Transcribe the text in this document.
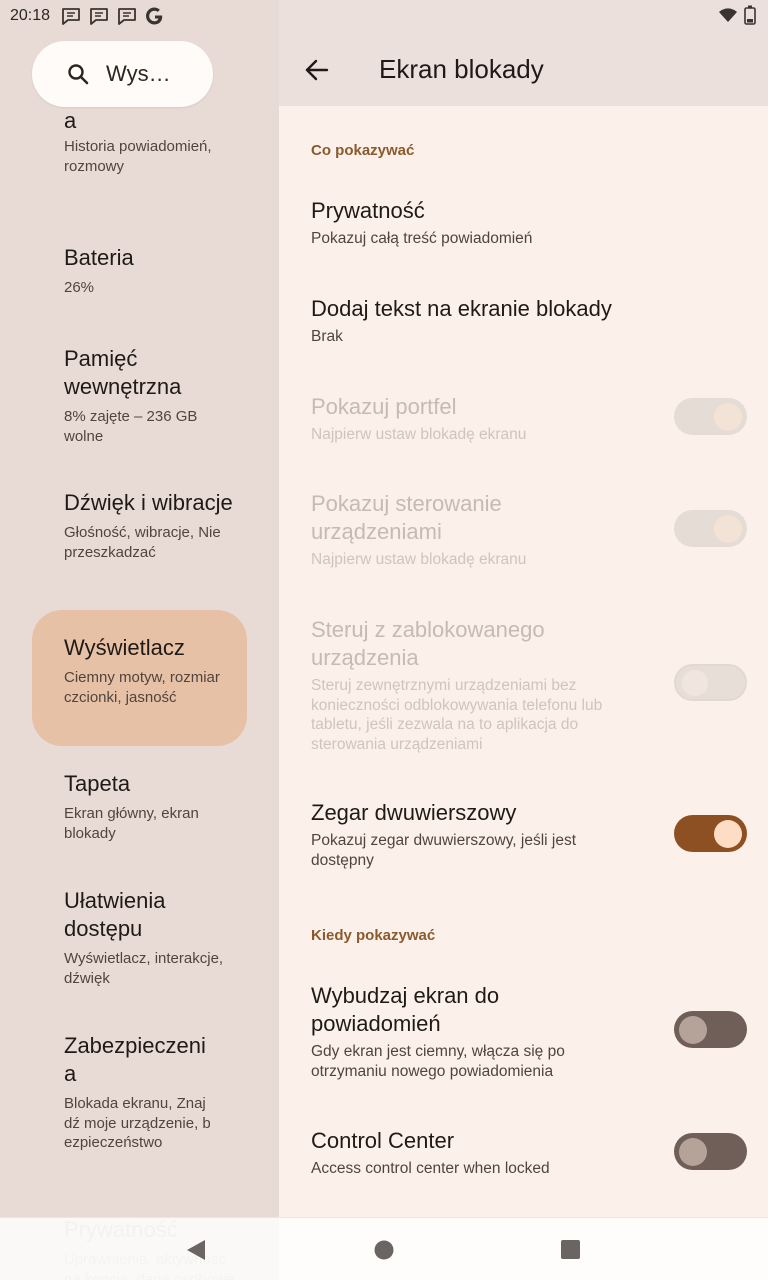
a
Historia powiadomień, rozmowy
Bateria
26%
Pamięć wewnętrzna
8% zajęte – 236 GB wolne
Dźwięk i wibracje
Głośność, wibracje, Nie przeszkadzać
Wyświetlacz
Ciemny motyw, rozmiar czcionki, jasność
Tapeta
Ekran główny, ekran blokady
Ułatwienia dostępu
Wyświetlacz, interakcje, dźwięk
Zabezpieczenia
Blokada ekranu, Znajdź moje urządzenie, bezpieczeństwo
20:18
Wys…	Ekran blokady
Co pokazywać
Prywatność
Pokazuj całą treść powiadomień
Dodaj tekst na ekranie blokady
Brak
Pokazuj portfel
Najpierw ustaw blokadę ekranu
Pokazuj sterowanie urządzeniami
Najpierw ustaw blokadę ekranu
Steruj z zablokowanego urządzenia
Steruj zewnętrznymi urządzeniami bez konieczności odblokowywania telefonu lub tabletu, jeśli zezwala na to aplikacja do sterowania urządzeniami
Zegar dwuwierszowy
Pokazuj zegar dwuwierszowy, jeśli jest dostępny
Kiedy pokazywać
Wybudzaj ekran do powiadomień
Gdy ekran jest ciemny, włącza się po otrzymaniu nowego powiadomienia
Control Center
Access control center when locked
